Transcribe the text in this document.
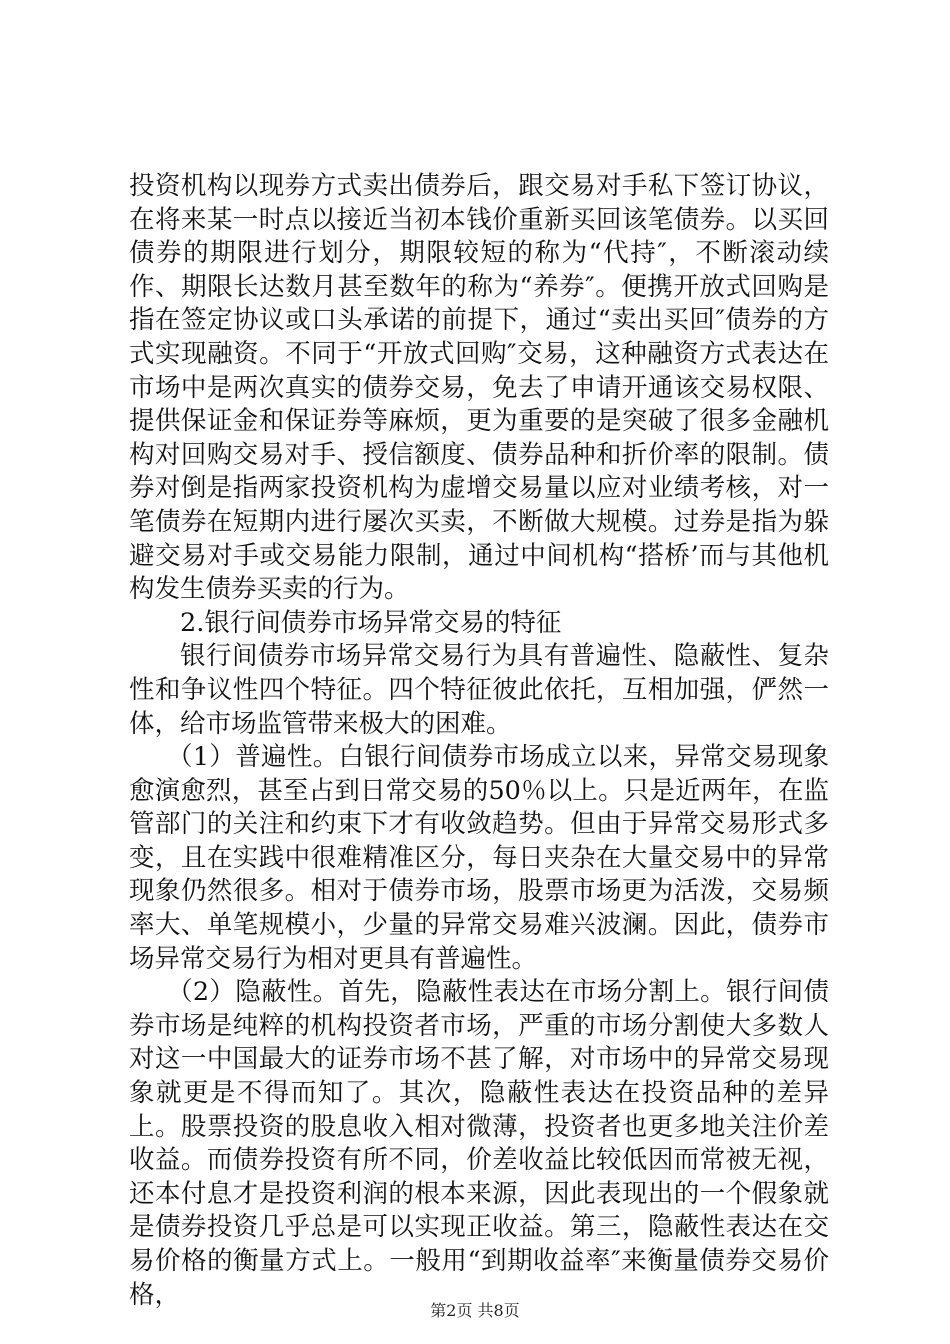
投资机构以现券方式卖出债券后，跟交易对手私下签订协议，在将来某一时点以接近当初本钱价重新买回该笔债券。以买回债券的期限进行划分，期限较短的称为“代持″，不断滚动续作、期限长达数月甚至数年的称为“养券″。便携开放式回购是指在签定协议或口头承诺的前提下，通过“卖出买回″债券的方式实现融资。不同于“开放式回购″交易，这种融资方式表达在市场中是两次真实的债券交易，免去了申请开通该交易权限、提供保证金和保证券等麻烦，更为重要的是突破了很多金融机构对回购交易对手、授信额度、债券品种和折价率的限制。债券对倒是指两家投资机构为虚增交易量以应对业绩考核，对一笔债券在短期内进行屡次买卖，不断做大规模。过券是指为躲避交易对手或交易能力限制，通过中间机构“搭桥’而与其他机构发生债券买卖的行为。

2.银行间债券市场异常交易的特征

银行间债券市场异常交易行为具有普遍性、隐蔽性、复杂性和争议性四个特征。四个特征彼此依托，互相加强，俨然一体，给市场监管带来极大的困难。

（1）普遍性。白银行间债券市场成立以来，异常交易现象愈演愈烈，甚至占到日常交易的50％以上。只是近两年，在监管部门的关注和约束下才有收敛趋势。但由于异常交易形式多变，且在实践中很难精准区分，每日夹杂在大量交易中的异常现象仍然很多。相对于债券市场，股票市场更为活泼，交易频率大、单笔规模小，少量的异常交易难兴波澜。因此，债券市场异常交易行为相对更具有普遍性。

（2）隐蔽性。首先，隐蔽性表达在市场分割上。银行间债券市场是纯粹的机构投资者市场，严重的市场分割使大多数人对这一中国最大的证券市场不甚了解，对市场中的异常交易现象就更是不得而知了。其次，隐蔽性表达在投资品种的差异上。股票投资的股息收入相对微薄，投资者也更多地关注价差收益。而债券投资有所不同，价差收益比较低因而常被无视，还本付息才是投资利润的根本来源，因此表现出的一个假象就是债券投资几乎总是可以实现正收益。第三，隐蔽性表达在交易价格的衡量方式上。一般用“到期收益率″来衡量债券交易价格，

第2页 共8页
